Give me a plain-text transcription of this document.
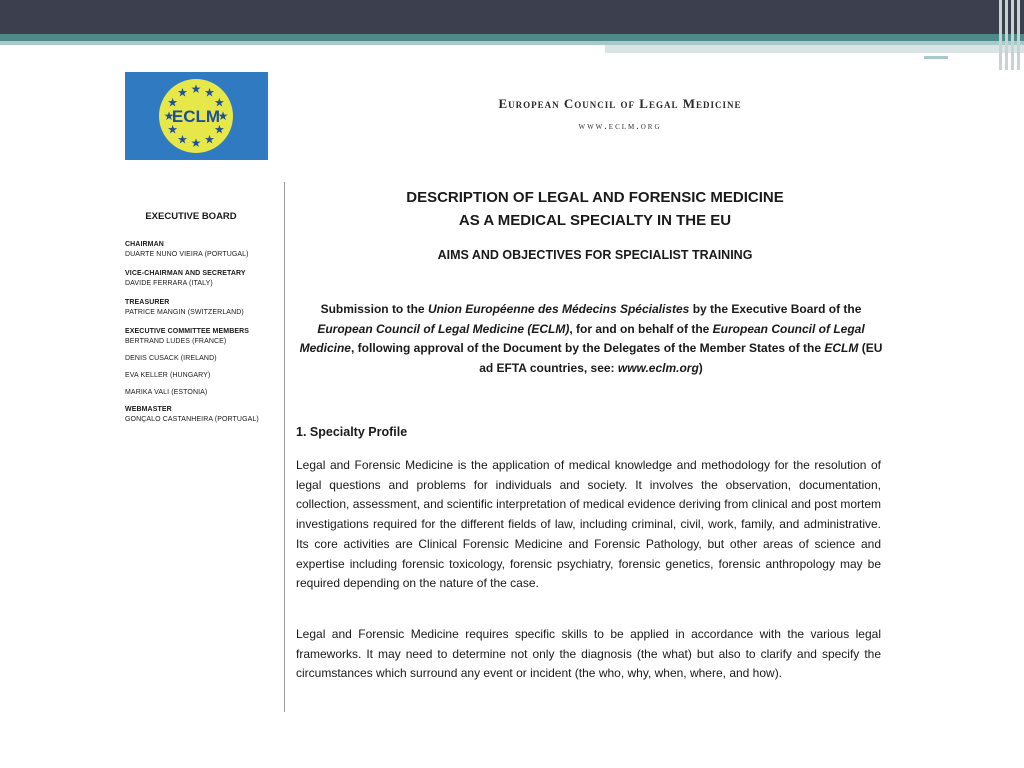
★ ★
★
★
★
★
★
★
★
★
★
★
ECLM
European Council of Legal Medicine
www.eclm.org

EXECUTIVE BOARD

CHAIRMAN

DUARTE NUNO VIEIRA (PORTUGAL)

VICE-CHAIRMAN AND SECRETARY

DAVIDE FERRARA (ITALY)

TREASURER

PATRICE MANGIN (SWITZERLAND)

EXECUTIVE COMMITTEE MEMBERS

BERTRAND LUDES (FRANCE)

DENIS CUSACK (IRELAND)

EVA KELLER (HUNGARY)

MARIKA VALI (ESTONIA)

WEBMASTER

GONÇALO CASTANHEIRA (PORTUGAL)

DESCRIPTION OF LEGAL AND FORENSIC MEDICINE
AS A MEDICAL SPECIALTY IN THE EU
AIMS AND OBJECTIVES FOR SPECIALIST TRAINING

Submission to the Union Européenne des Médecins Spécialistes by the Executive Board of the European Council of Legal Medicine (ECLM), for and on behalf of the European Council of Legal Medicine, following approval of the Document by the Delegates of the Member States of the ECLM (EU ad EFTA countries, see: www.eclm.org)

1. Specialty Profile

Legal and Forensic Medicine is the application of medical knowledge and methodology for the resolution of legal questions and problems for individuals and society. It involves the observation, documentation, collection, assessment, and scientific interpretation of medical evidence deriving from clinical and post mortem investigations required for the different fields of law, including criminal, civil, work, family, and administrative. Its core activities are Clinical Forensic Medicine and Forensic Pathology, but other areas of science and expertise including forensic toxicology, forensic psychiatry, forensic genetics, forensic anthropology may be required depending on the nature of the case.

Legal and Forensic Medicine requires specific skills to be applied in accordance with the various legal frameworks. It may need to determine not only the diagnosis (the what) but also to clarify and specify the circumstances which surround any event or incident (the who, why, when, where, and how).
